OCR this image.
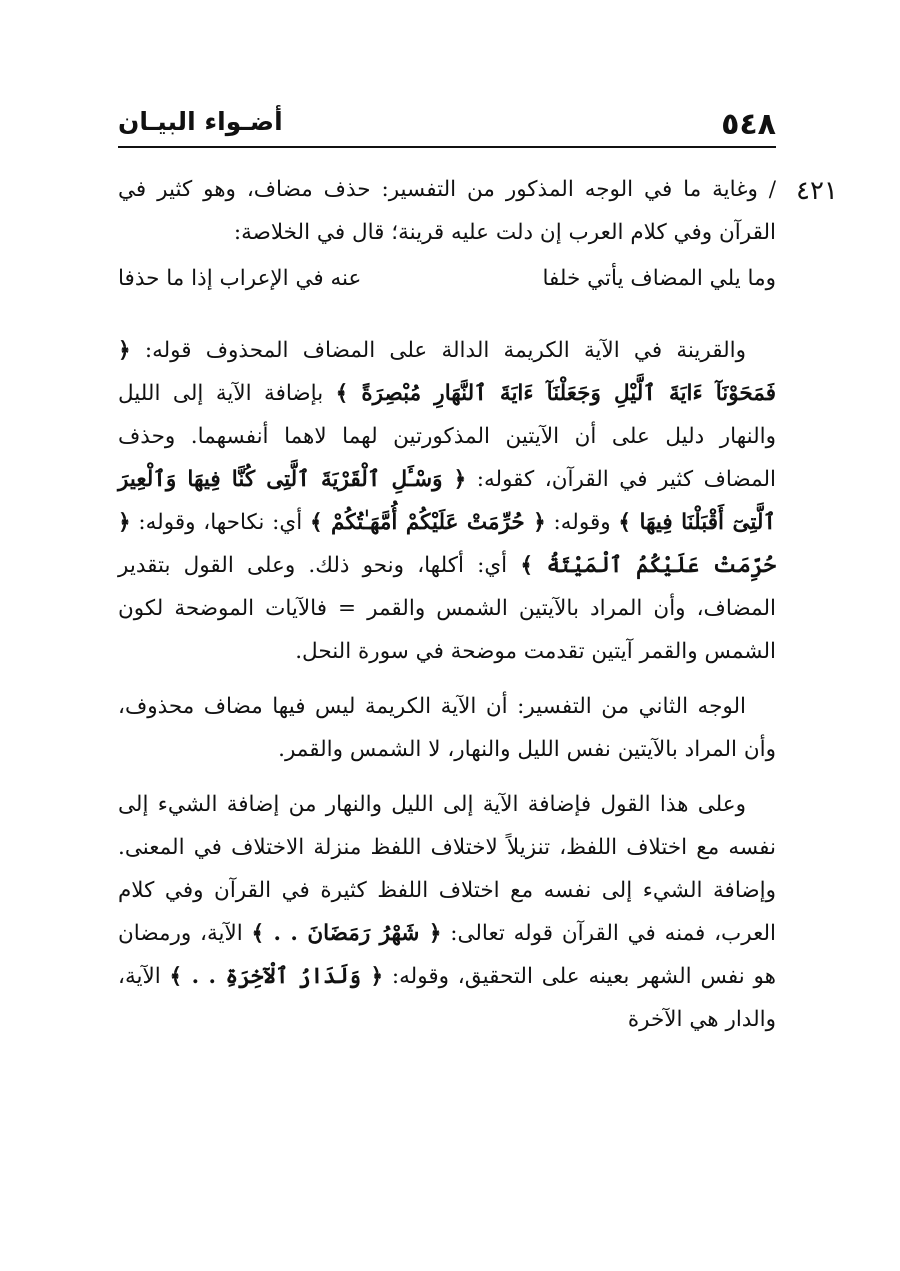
٥٤٨
أضـواء البيـان
٤٢١

/ وغاية ما في الوجه المذكور من التفسير: حذف مضاف، وهو كثير في القرآن وفي كلام العرب إن دلت عليه قرينة؛ قال في الخلاصة:

وما يلي المضاف يأتي خلفا
عنه في الإعراب إذا ما حذفا

والقرينة في الآية الكريمة الدالة على المضاف المحذوف قوله: ﴿ فَمَحَوْنَآ ءَايَةَ ٱلَّيْلِ وَجَعَلْنَآ ءَايَةَ ٱلنَّهَارِ مُبْصِرَةً ﴾ بإضافة الآية إلى الليل والنهار دليل على أن الآيتين المذكورتين لهما لاهما أنفسهما. وحذف المضاف كثير في القرآن، كقوله: ﴿ وَسْـَٔلِ ٱلْقَرْيَةَ ٱلَّتِى كُنَّا فِيهَا وَٱلْعِيرَ ٱلَّتِىٓ أَقْبَلْنَا فِيهَا ﴾ وقوله: ﴿ حُرِّمَتْ عَلَيْكُمْ أُمَّهَـٰتُكُمْ ﴾ أي: نكاحها، وقوله: ﴿ حُرِّمَتْ عَلَيْكُمُ ٱلْمَيْتَةُ ﴾ أي: أكلها، ونحو ذلك. وعلى القول بتقدير المضاف، وأن المراد بالآيتين الشمس والقمر = فالآيات الموضحة لكون الشمس والقمر آيتين تقدمت موضحة في سورة النحل.

الوجه الثاني من التفسير: أن الآية الكريمة ليس فيها مضاف محذوف، وأن المراد بالآيتين نفس الليل والنهار، لا الشمس والقمر.

وعلى هذا القول فإضافة الآية إلى الليل والنهار من إضافة الشيء إلى نفسه مع اختلاف اللفظ، تنزيلاً لاختلاف اللفظ منزلة الاختلاف في المعنى. وإضافة الشيء إلى نفسه مع اختلاف اللفظ كثيرة في القرآن وفي كلام العرب، فمنه في القرآن قوله تعالى: ﴿ شَهْرُ رَمَضَانَ . . ﴾ الآية، ورمضان هو نفس الشهر بعينه على التحقيق، وقوله: ﴿ وَلَدَارُ ٱلْآخِرَةِ . . ﴾ الآية، والدار هي الآخرة
